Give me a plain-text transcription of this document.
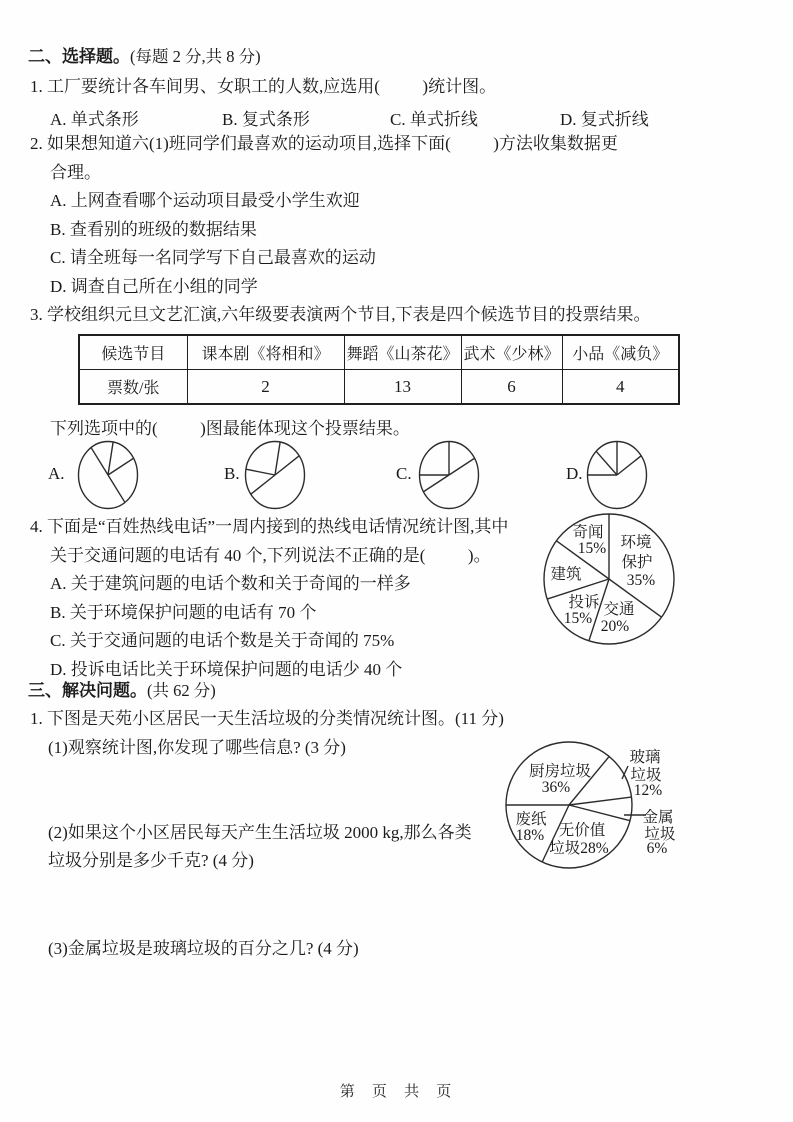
二、选择题。(每题 2 分,共 8 分)
1. 工厂要统计各车间男、女职工的人数,应选用(          )统计图。
A. 单式条形	B. 复式条形	C. 单式折线	D. 复式折线
2. 如果想知道六(1)班同学们最喜欢的运动项目,选择下面(          )方法收集数据更
合理。
A. 上网查看哪个运动项目最受小学生欢迎
B. 查看别的班级的数据结果
C. 请全班每一名同学写下自己最喜欢的运动
D. 调查自己所在小组的同学
3. 学校组织元旦文艺汇演,六年级要表演两个节目,下表是四个候选节目的投票结果。
候选节目	课本剧《将相和》	舞蹈《山茶花》	武术《少林》	小品《减负》
票数/张	2	13	6	4
下列选项中的(          )图最能体现这个投票结果。
A.	B.	C.	D.
4. 下面是“百姓热线电话”一周内接到的热线电话情况统计图,其中
关于交通问题的电话有 40 个,下列说法不正确的是(          )。
A. 关于建筑问题的电话个数和关于奇闻的一样多
B. 关于环境保护问题的电话有 70 个
C. 关于交通问题的电话个数是关于奇闻的 75%
D. 投诉电话比关于环境保护问题的电话少 40 个
奇闻
15% 环境
保护
35%
建筑
投诉
15%
交通
20%
三、解决问题。(共 62 分)
1. 下图是天苑小区居民一天生活垃圾的分类情况统计图。(11 分)
(1)观察统计图,你发现了哪些信息? (3 分)
(2)如果这个小区居民每天产生生活垃圾 2000 kg,那么各类
垃圾分别是多少千克? (4 分)
(3)金属垃圾是玻璃垃圾的百分之几? (4 分)
厨房垃圾
36%
废纸
18% 无价值
垃圾28%
玻璃
垃圾
12%
金属
垃圾
6%
第 页 共 页
